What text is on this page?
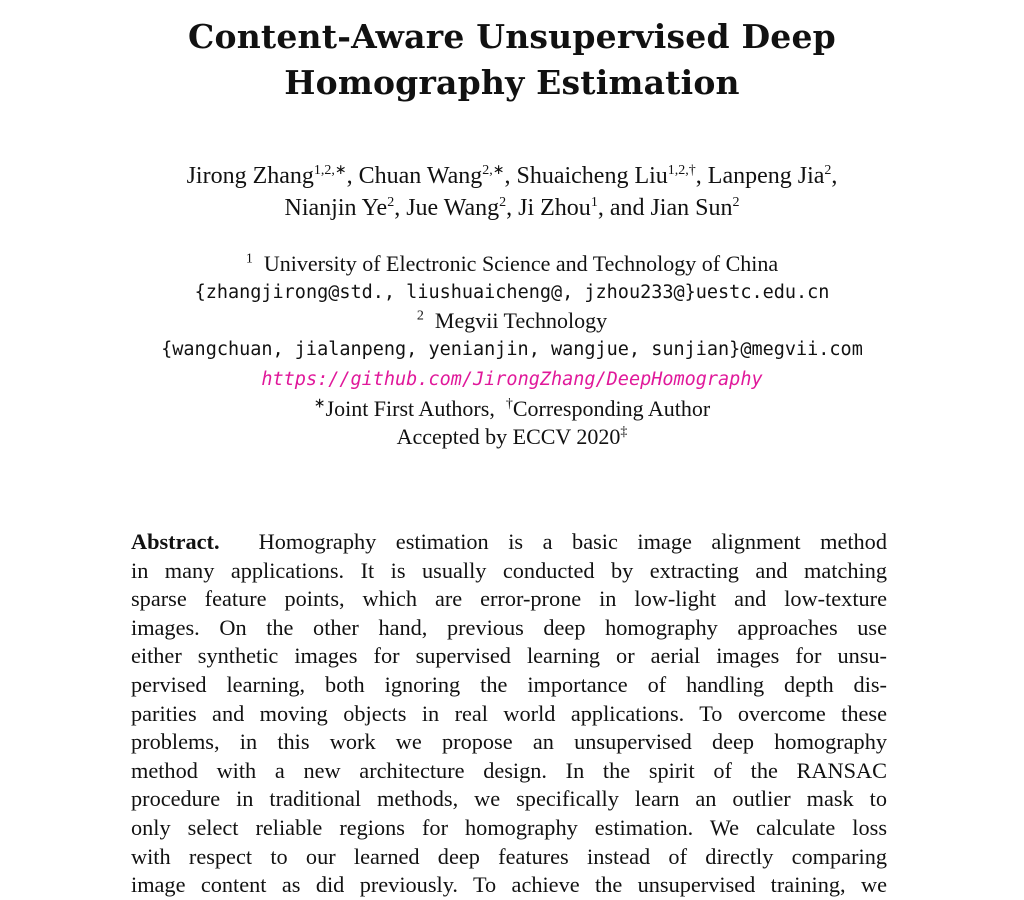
Content-Aware Unsupervised Deep
Homography Estimation
Jirong Zhang$^{1,2,∗}$, Chuan Wang$^{2,∗}$, Shuaicheng Liu$^{1,2,\dagger}$, Lanpeng Jia$^2$,
Nianjin Ye$^2$, Jue Wang$^2$, Ji Zhou$^1$, and Jian Sun$^2$
$^1$ University of Electronic Science and Technology of China
{zhangjirong@std., liushuaicheng@, jzhou233@}uestc.edu.cn
$^2$ Megvii Technology
{wangchuan, jialanpeng, yenianjin, wangjue, sunjian}@megvii.com
https://github.com/JirongZhang/DeepHomography
∗Joint First Authors, †Corresponding Author
Accepted by ECCV 2020‡
Abstract. Homography estimation is a basic image alignment method
in many applications. It is usually conducted by extracting and matching
sparse feature points, which are error-prone in low-light and low-texture
images. On the other hand, previous deep homography approaches use
either synthetic images for supervised learning or aerial images for unsu-
pervised learning, both ignoring the importance of handling depth dis-
parities and moving objects in real world applications. To overcome these
problems, in this work we propose an unsupervised deep homography
method with a new architecture design. In the spirit of the RANSAC
procedure in traditional methods, we specifically learn an outlier mask to
only select reliable regions for homography estimation. We calculate loss
with respect to our learned deep features instead of directly comparing
image content as did previously. To achieve the unsupervised training, we
